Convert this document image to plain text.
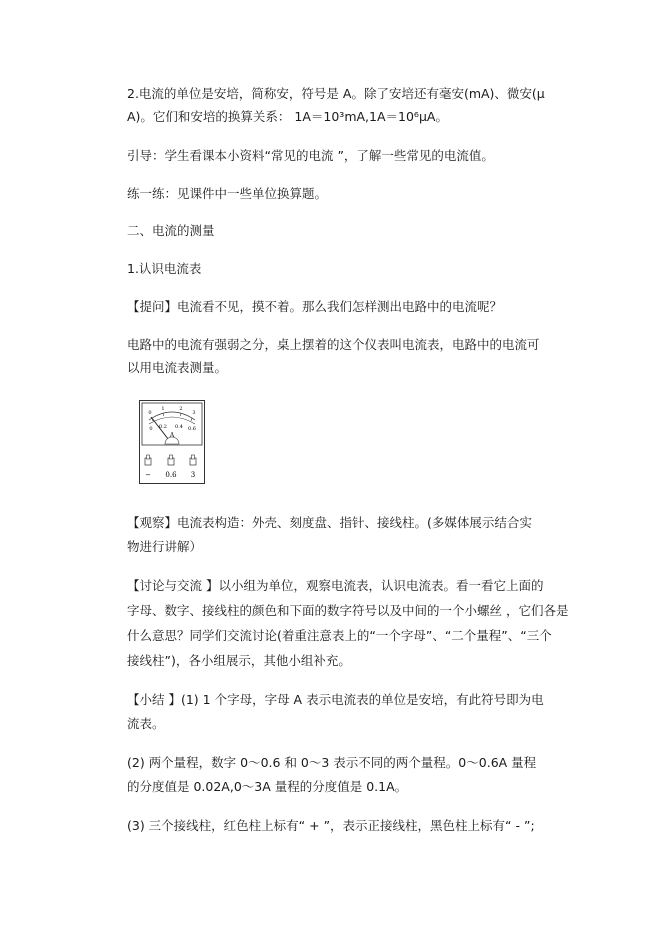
2.电流的单位是安培，简称安，符号是 A。除了安培还有毫安(mA)、微安(μ
A)。它们和安培的换算关系： 1A＝10³mA,1A＝10⁶μA。
引导：学生看课本小资料“常见的电流 ”，了解一些常见的电流值。
练一练：见课件中一些单位换算题。
二、电流的测量
1.认识电流表
【提问】电流看不见，摸不着。那么我们怎样测出电路中的电流呢？
电路中的电流有强弱之分，桌上摆着的这个仪表叫电流表，电路中的电流可
以用电流表测量。
0
1	2
3
0 0.2 0.4 0.6
A
− 0.6 3
【观察】电流表构造：外壳、刻度盘、指针、接线柱。(多媒体展示结合实
物进行讲解）
【讨论与交流 】以小组为单位，观察电流表，认识电流表。看一看它上面的
字母、数字、接线柱的颜色和下面的数字符号以及中间的一个小螺丝 ，它们各是
什么意思？同学们交流讨论(着重注意表上的“一个字母”、“二个量程”、“三个
接线柱”)，各小组展示，其他小组补充。
【小结 】(1) 1 个字母，字母 A 表示电流表的单位是安培，有此符号即为电
流表。
(2) 两个量程，数字 0～0.6 和 0～3 表示不同的两个量程。0～0.6A 量程
的分度值是 0.02A,0～3A 量程的分度值是 0.1A。
(3) 三个接线柱，红色柱上标有“ + ”，表示正接线柱，黑色柱上标有“ - ”;
